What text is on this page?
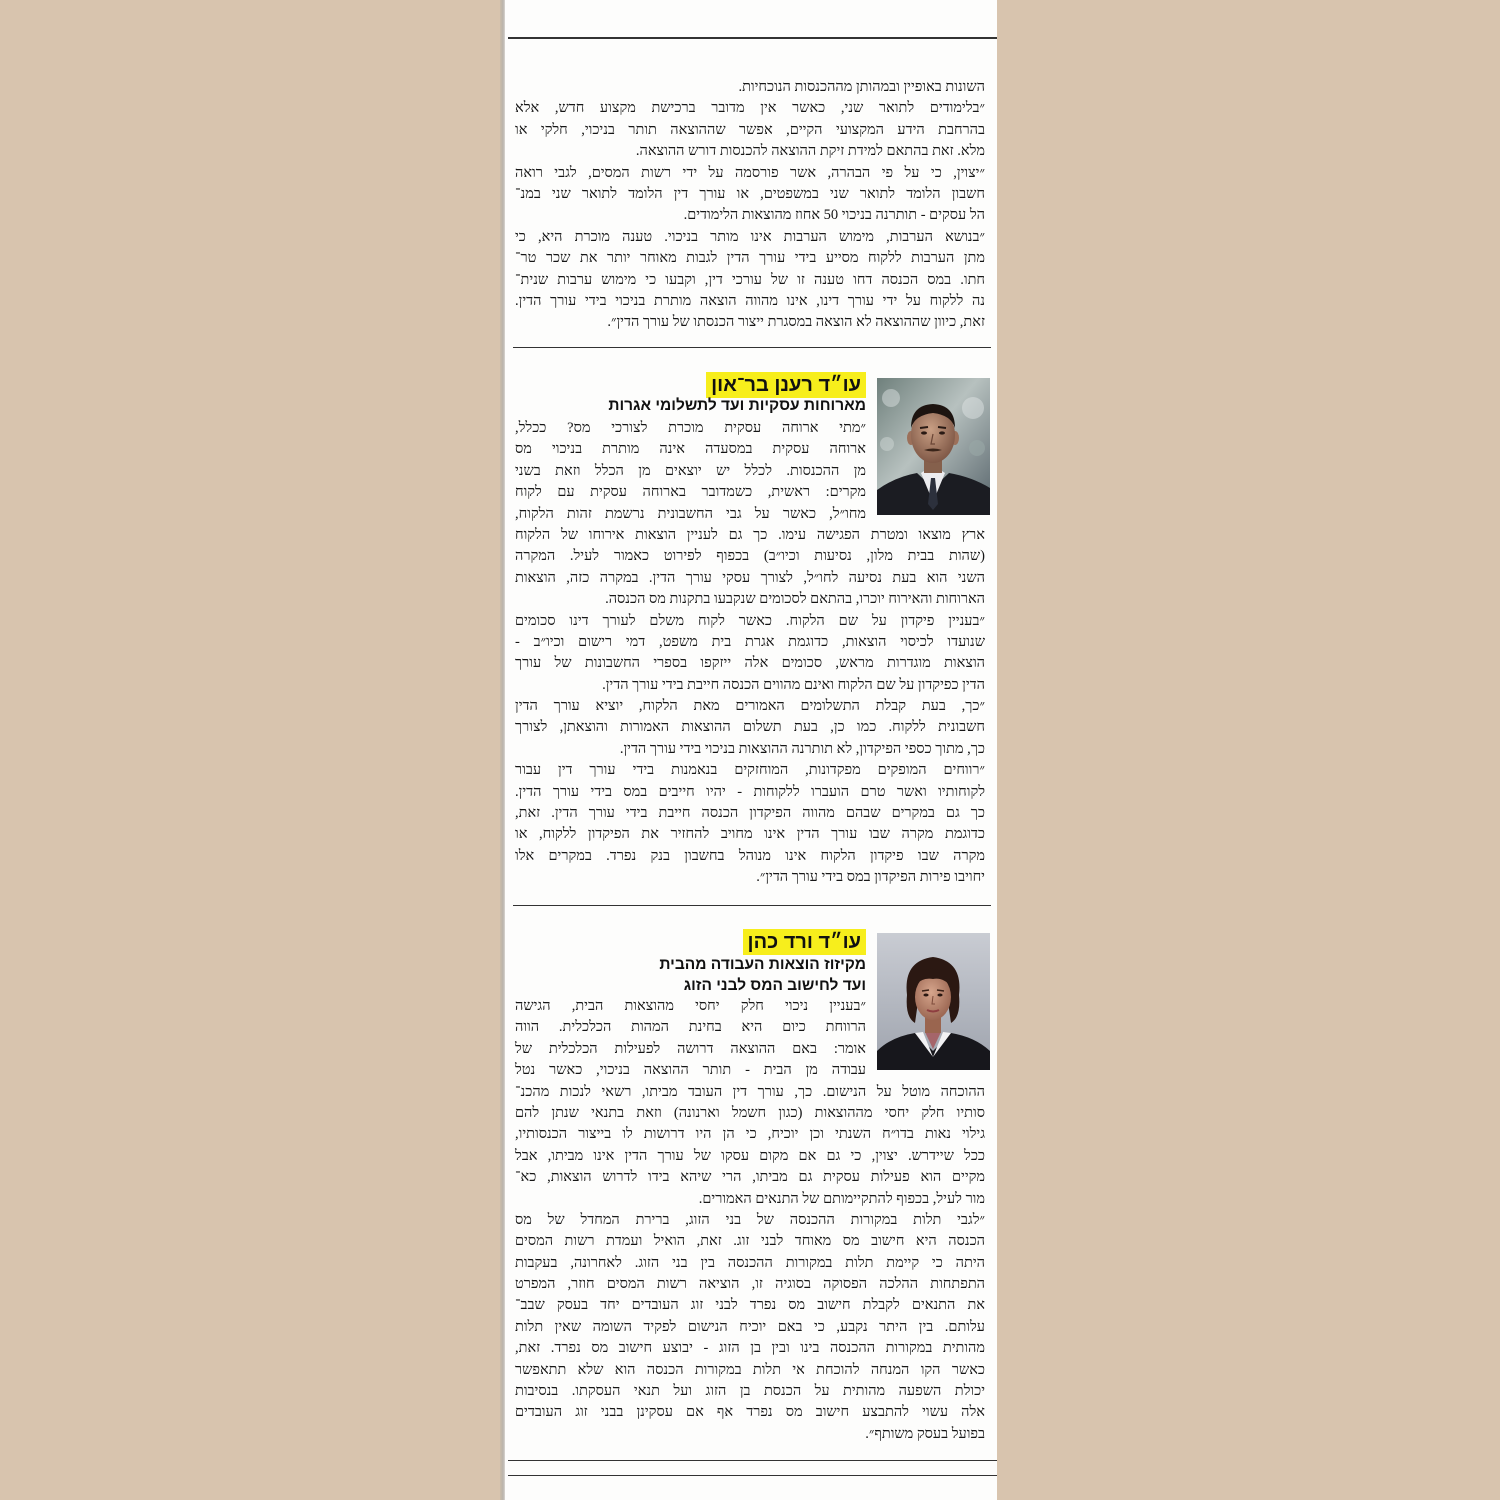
השונות באופיין ובמהותן מההכנסות הנוכחיות.
״בלימודים לתואר שני, כאשר אין מדובר ברכישת מקצוע חדש, אלא
בהרחבת הידע המקצועי הקיים, אפשר שההוצאה תותר בניכוי, חלקי או
מלא. זאת בהתאם למידת זיקת ההוצאה להכנסות דורש ההוצאה.
״יצוין, כי על פי הבהרה, אשר פורסמה על ידי רשות המסים, לגבי רואה
חשבון הלומד לתואר שני במשפטים, או עורך דין הלומד לתואר שני במנ־
הל עסקים - תותרנה בניכוי 50 אחוז מהוצאות הלימודים.
״בנושא הערבות, מימוש הערבות אינו מותר בניכוי. טענה מוכרת היא, כי
מתן הערבות ללקוח מסייע בידי עורך הדין לגבות מאוחר יותר את שכר טר־
חתו. במס הכנסה דחו טענה זו של עורכי דין, וקבעו כי מימוש ערבות שנית־
נה ללקוח על ידי עורך דינו, אינו מהווה הוצאה מותרת בניכוי בידי עורך הדין.
זאת, כיוון שההוצאה לא הוצאה במסגרת ייצור הכנסתו של עורך הדין״.
עו״ד רענן בר־און
מארוחות עסקיות ועד לתשלומי אגרות
״מתי ארוחה עסקית מוכרת לצורכי מס? ככלל,
ארוחה עסקית במסעדה אינה מותרת בניכוי מס
מן ההכנסות. לכלל יש יוצאים מן הכלל וזאת בשני
מקרים: ראשית, כשמדובר בארוחה עסקית עם לקוח
מחו״ל, כאשר על גבי החשבונית נרשמת זהות הלקוח,
ארץ מוצאו ומטרת הפגישה עימו. כך גם לעניין הוצאות אירוחו של הלקוח
(שהות בבית מלון, נסיעות וכיו״ב) בכפוף לפירוט כאמור לעיל. המקרה
השני הוא בעת נסיעה לחו״ל, לצורך עסקי עורך הדין. במקרה כזה, הוצאות
הארוחות והאירוח יוכרו, בהתאם לסכומים שנקבעו בתקנות מס הכנסה.
״בעניין פיקדון על שם הלקוח. כאשר לקוח משלם לעורך דינו סכומים
שנועדו לכיסוי הוצאות, כדוגמת אגרת בית משפט, דמי רישום וכיו״ב -
הוצאות מוגדרות מראש, סכומים אלה ייזקפו בספרי החשבונות של עורך
הדין כפיקדון על שם הלקוח ואינם מהווים הכנסה חייבת בידי עורך הדין.
״כך, בעת קבלת התשלומים האמורים מאת הלקוח, יוציא עורך הדין
חשבונית ללקוח. כמו כן, בעת תשלום ההוצאות האמורות והוצאתן, לצורך
כך, מתוך כספי הפיקדון, לא תותרנה ההוצאות בניכוי בידי עורך הדין.
״רווחים המופקים מפקדונות, המוחזקים בנאמנות בידי עורך דין עבור
לקוחותיו ואשר טרם הועברו ללקוחות - יהיו חייבים במס בידי עורך הדין.
כך גם במקרים שבהם מהווה הפיקדון הכנסה חייבת בידי עורך הדין. זאת,
כדוגמת מקרה שבו עורך הדין אינו מחויב להחזיר את הפיקדון ללקוח, או
מקרה שבו פיקדון הלקוח אינו מנוהל בחשבון בנק נפרד. במקרים אלו
יחויבו פירות הפיקדון במס בידי עורך הדין״.
עו״ד ורד כהן
מקיזוז הוצאות העבודה מהבית
ועד לחישוב המס לבני הזוג
״בעניין ניכוי חלק יחסי מהוצאות הבית, הגישה
הרווחת כיום היא בחינת המהות הכלכלית. הווה
אומר: באם ההוצאה דרושה לפעילות הכלכלית של
עבודה מן הבית - תותר ההוצאה בניכוי, כאשר נטל
ההוכחה מוטל על הנישום. כך, עורך דין העובד מביתו, רשאי לנכות מהכנ־
סותיו חלק יחסי מההוצאות (כגון חשמל וארנונה) וזאת בתנאי שנתן להם
גילוי נאות בדו״ח השנתי וכן יוכיח, כי הן היו דרושות לו בייצור הכנסותיו,
ככל שיידרש. יצוין, כי גם אם מקום עסקו של עורך הדין אינו מביתו, אבל
מקיים הוא פעילות עסקית גם מביתו, הרי שיהא בידו לדרוש הוצאות, כא־
מור לעיל, בכפוף להתקיימותם של התנאים האמורים.
״לגבי תלות במקורות ההכנסה של בני הזוג, ברירת המחדל של מס
הכנסה היא חישוב מס מאוחד לבני זוג. זאת, הואיל ועמדת רשות המסים
היתה כי קיימת תלות במקורות ההכנסה בין בני הזוג. לאחרונה, בעקבות
התפתחות ההלכה הפסוקה בסוגיה זו, הוציאה רשות המסים חוזר, המפרט
את התנאים לקבלת חישוב מס נפרד לבני זוג העובדים יחד בעסק שבב־
עלותם. בין היתר נקבע, כי באם יוכיח הנישום לפקיד השומה שאין תלות
מהותית במקורות ההכנסה בינו ובין בן הזוג - יבוצע חישוב מס נפרד. זאת,
כאשר הקו המנחה להוכחת אי תלות במקורות הכנסה הוא שלא תתאפשר
יכולת השפעה מהותית על הכנסת בן הזוג ועל תנאי העסקתו. בנסיבות
אלה עשוי להתבצע חישוב מס נפרד אף אם עסקינן בבני זוג העובדים
בפועל בעסק משותף״.
